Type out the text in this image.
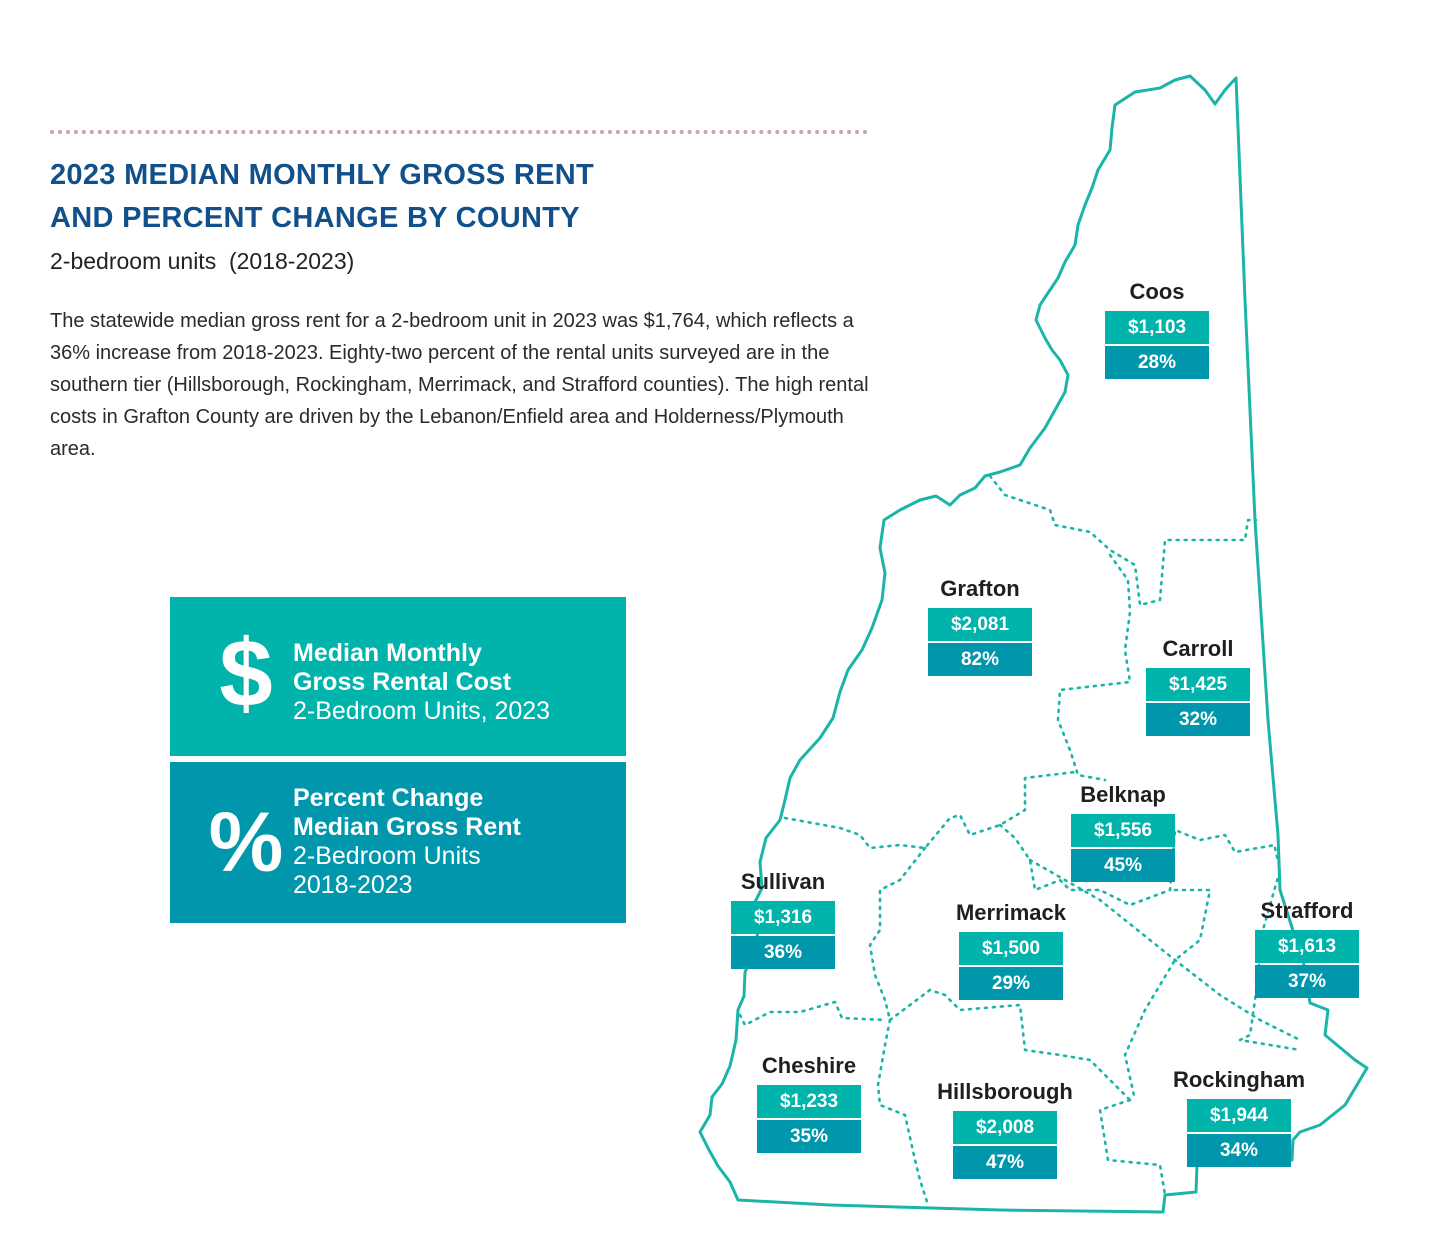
2023 MEDIAN MONTHLY GROSS RENT
AND PERCENT CHANGE BY COUNTY

2-bedroom units  (2018-2023)

The statewide median gross rent for a 2-bedroom unit in 2023 was $1,764, which reflects a 36% increase from 2018-2023. Eighty-two percent of the rental units surveyed are in the southern tier (Hillsborough, Rockingham, Merrimack, and Strafford counties). The high rental costs in Grafton County are driven by the Lebanon/Enfield area and Holderness/Plymouth area.

$ Median Monthly
Gross Rental Cost
2-Bedroom Units, 2023
% Percent Change
Median Gross Rent
2-Bedroom Units
2018-2023
Coos
$1,103
28%
Grafton
$2,081
82%	Carroll
$1,425
32%
Belknap
$1,556
45%
Sullivan
$1,316
36%
Merrimack
$1,500
29%
Strafford
$1,613
37%
Cheshire
$1,233
35%
Hillsborough
$2,008
47%
Rockingham
$1,944
34%
